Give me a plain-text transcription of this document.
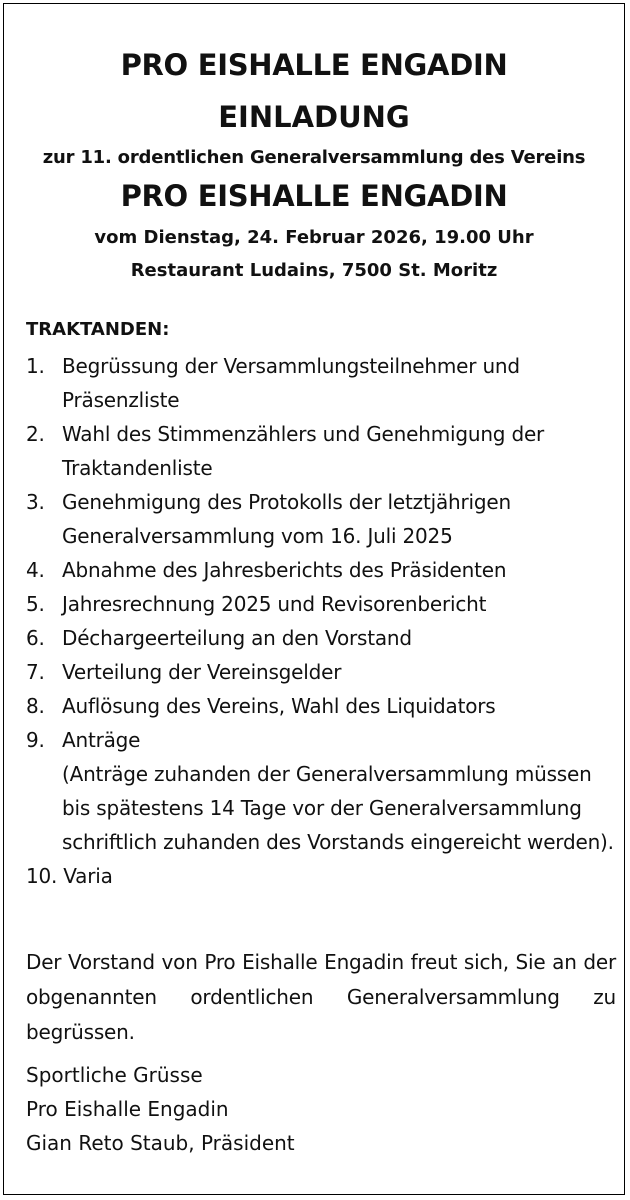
PRO EISHALLE ENGADIN
EINLADUNG
zur 11. ordentlichen Generalversammlung des Vereins
PRO EISHALLE ENGADIN
vom Dienstag, 24. Februar 2026, 19.00 Uhr
Restaurant Ludains, 7500 St. Moritz
TRAKTANDEN:
1. Begrüssung der Versammlungsteilnehmer und Präsenzliste
2. Wahl des Stimmenzählers und Genehmigung der Traktandenliste
3. Genehmigung des Protokolls der letztjährigen Generalversammlung vom 16. Juli 2025
4. Abnahme des Jahresberichts des Präsidenten
5. Jahresrechnung 2025 und Revisorenbericht
6. Déchargeerteilung an den Vorstand
7. Verteilung der Vereinsgelder
8. Auflösung des Vereins, Wahl des Liquidators
9. Anträge
(Anträge zuhanden der Generalversammlung müssen bis spätestens 14 Tage vor der Generalversammlung schriftlich zuhanden des Vorstands eingereicht werden).
10. Varia
Der Vorstand von Pro Eishalle Engadin freut sich, Sie an der obgenannten ordentlichen Generalversammlung zu begrüssen.
Sportliche Grüsse
Pro Eishalle Engadin
Gian Reto Staub, Präsident
